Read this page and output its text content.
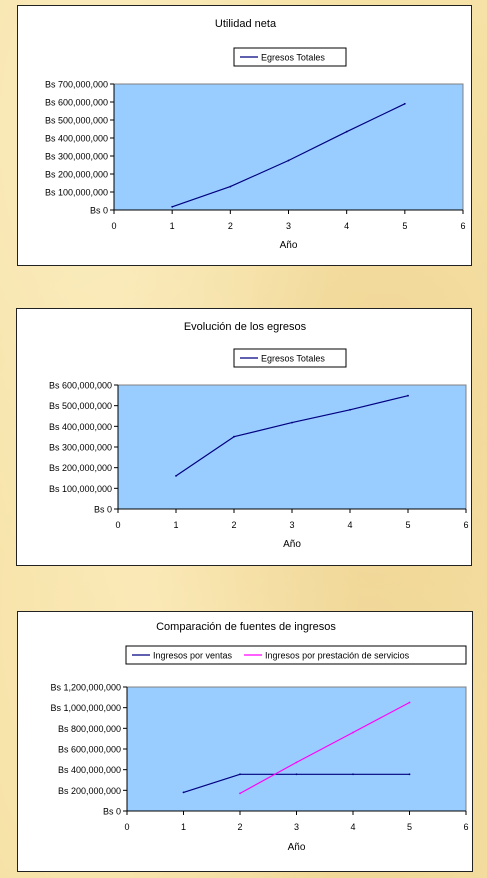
Utilidad neta
Egresos Totales
Bs 0
Bs 100,000,000
Bs 200,000,000
Bs 300,000,000
Bs 400,000,000
Bs 500,000,000
Bs 600,000,000
Bs 700,000,000
0	1	2	3	4	5	6
Año
Evolución de los egresos
Egresos Totales
Bs 0
Bs 100,000,000
Bs 200,000,000
Bs 300,000,000
Bs 400,000,000
Bs 500,000,000
Bs 600,000,000
0	1	2	3	4	5	6
Año
Comparación de fuentes de ingresos
Ingresos por ventas	Ingresos por prestación de servicios
Bs 0
Bs 200,000,000
Bs 400,000,000
Bs 600,000,000
Bs 800,000,000
Bs 1,000,000,000
Bs 1,200,000,000
0	1	2	3	4	5	6
Año
